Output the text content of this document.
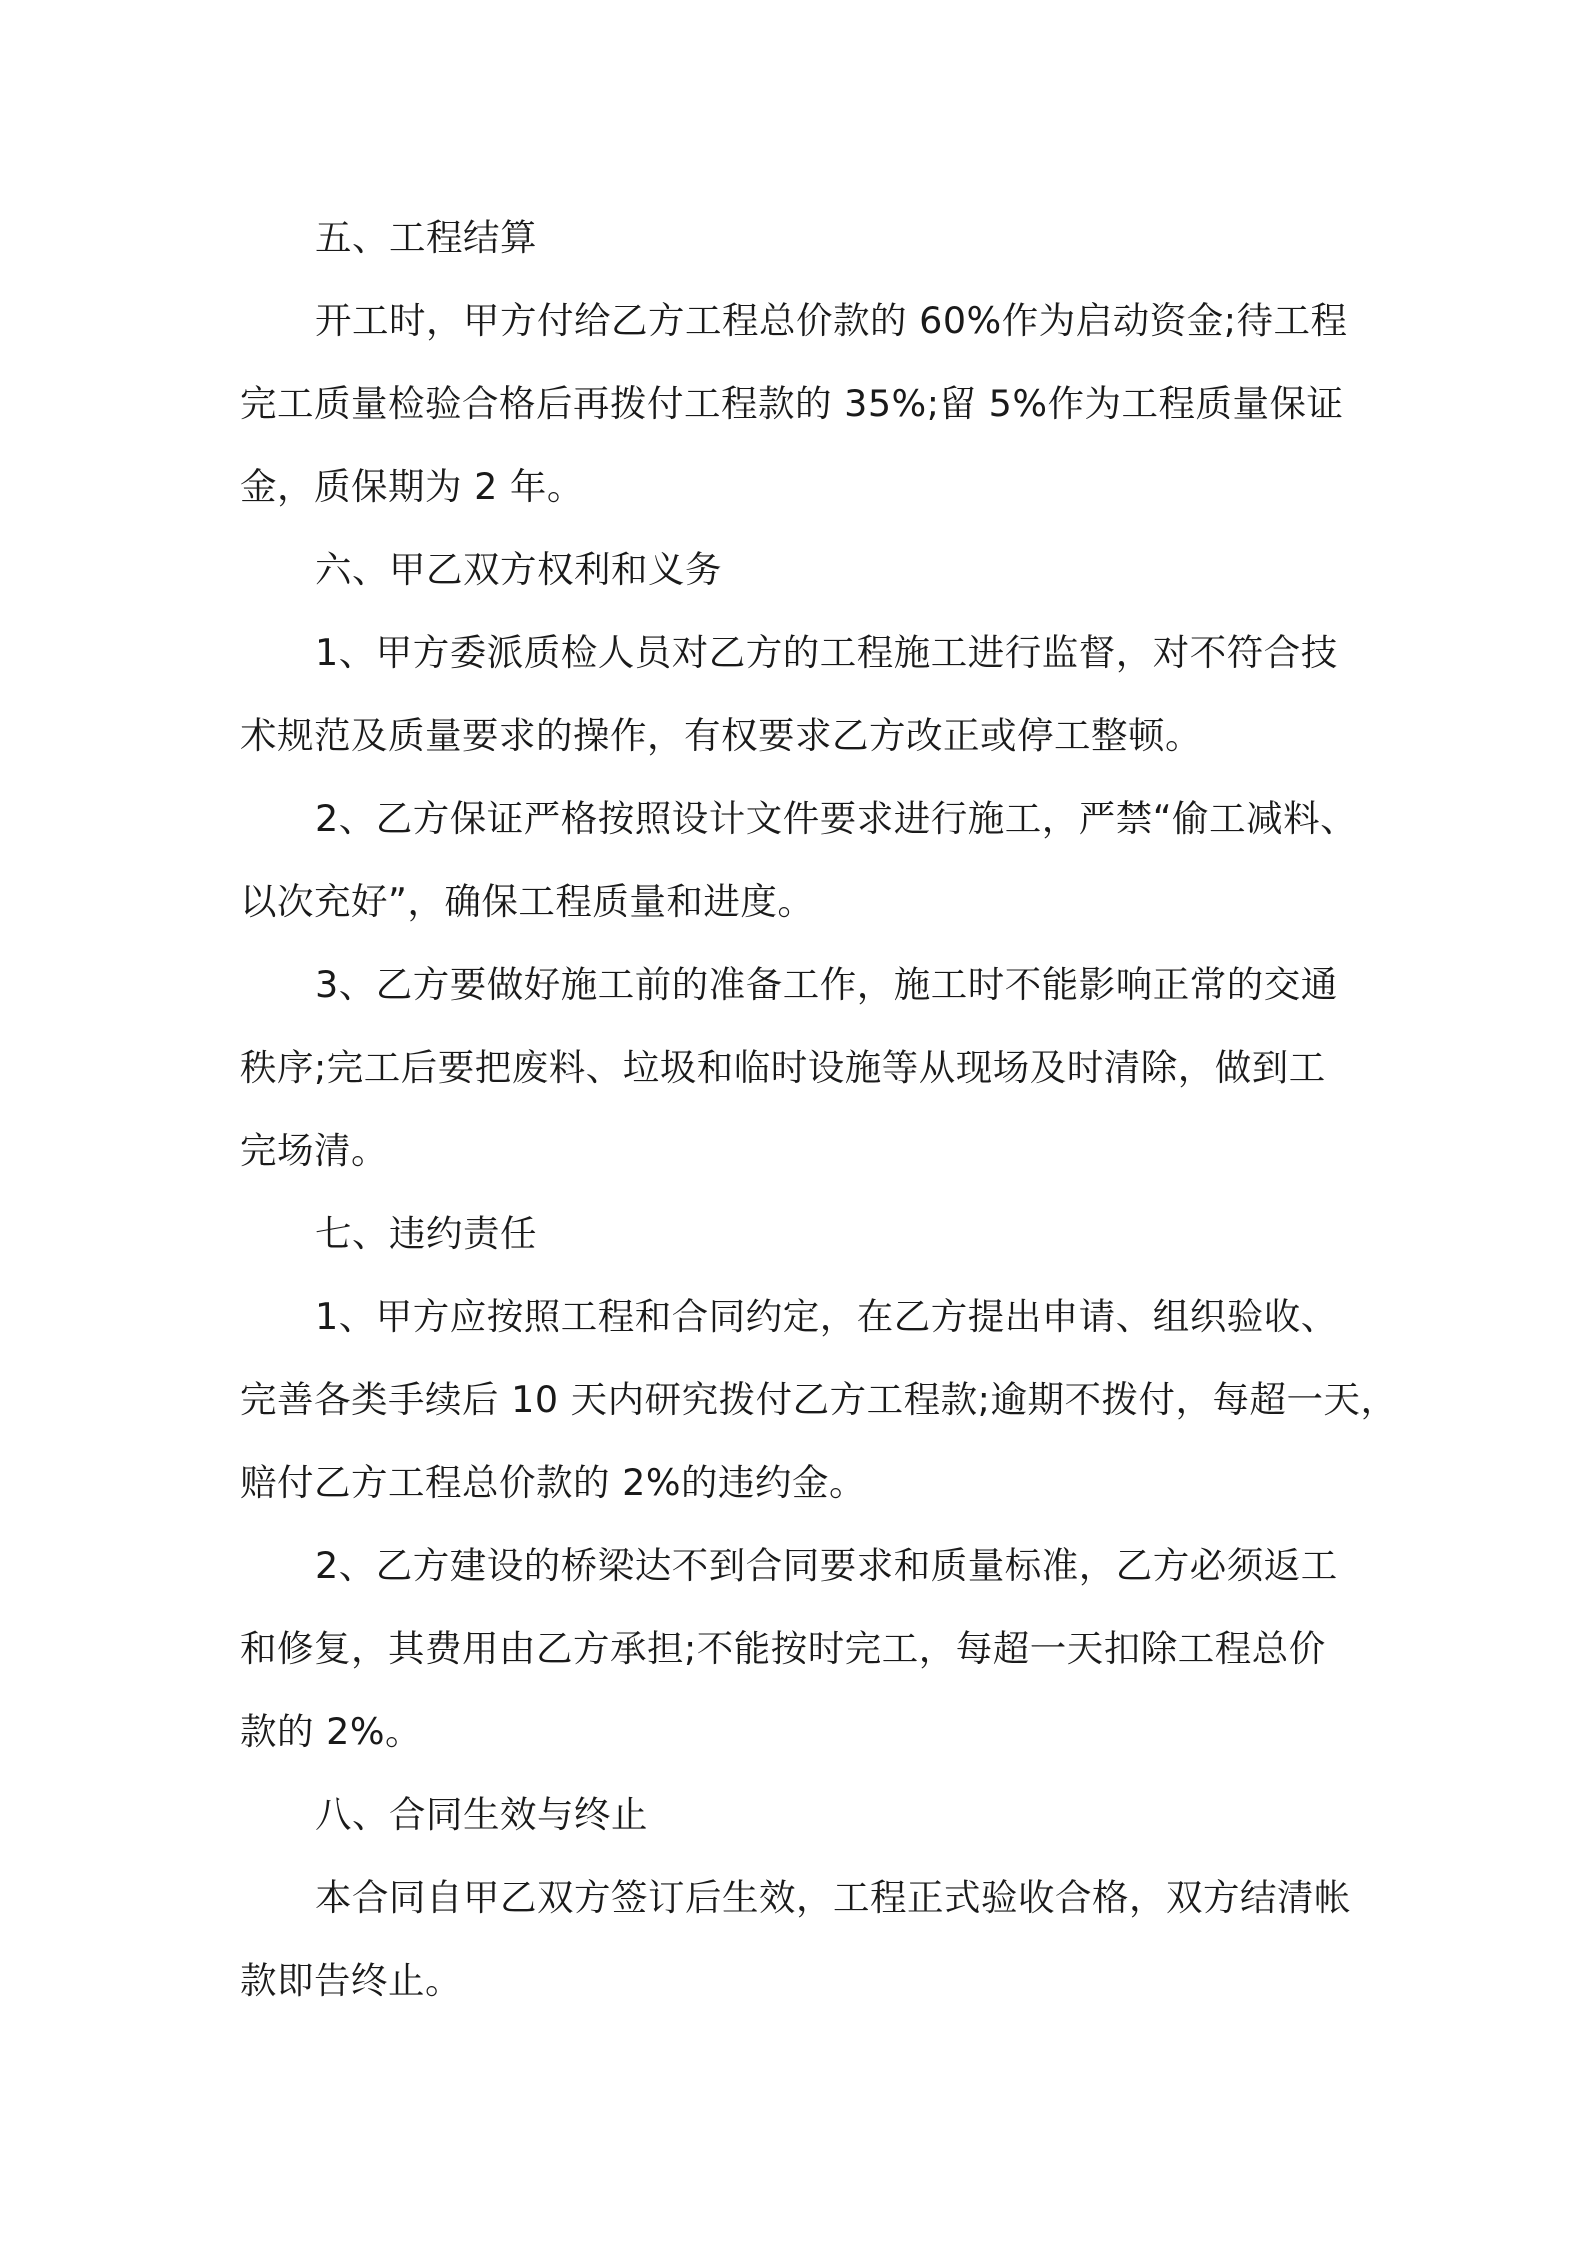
五、工程结算

开工时，甲方付给乙方工程总价款的 60%作为启动资金;待工程

完工质量检验合格后再拨付工程款的 35%;留 5%作为工程质量保证

金，质保期为 2 年。

六、甲乙双方权利和义务

1、甲方委派质检人员对乙方的工程施工进行监督，对不符合技

术规范及质量要求的操作，有权要求乙方改正或停工整顿。

2、乙方保证严格按照设计文件要求进行施工，严禁“偷工减料、

以次充好”，确保工程质量和进度。

3、乙方要做好施工前的准备工作，施工时不能影响正常的交通

秩序;完工后要把废料、垃圾和临时设施等从现场及时清除，做到工

完场清。

七、违约责任

1、甲方应按照工程和合同约定，在乙方提出申请、组织验收、

完善各类手续后 10 天内研究拨付乙方工程款;逾期不拨付，每超一天，

赔付乙方工程总价款的 2%的违约金。

2、乙方建设的桥梁达不到合同要求和质量标准，乙方必须返工

和修复，其费用由乙方承担;不能按时完工，每超一天扣除工程总价

款的 2%。

八、合同生效与终止

本合同自甲乙双方签订后生效，工程正式验收合格，双方结清帐

款即告终止。
